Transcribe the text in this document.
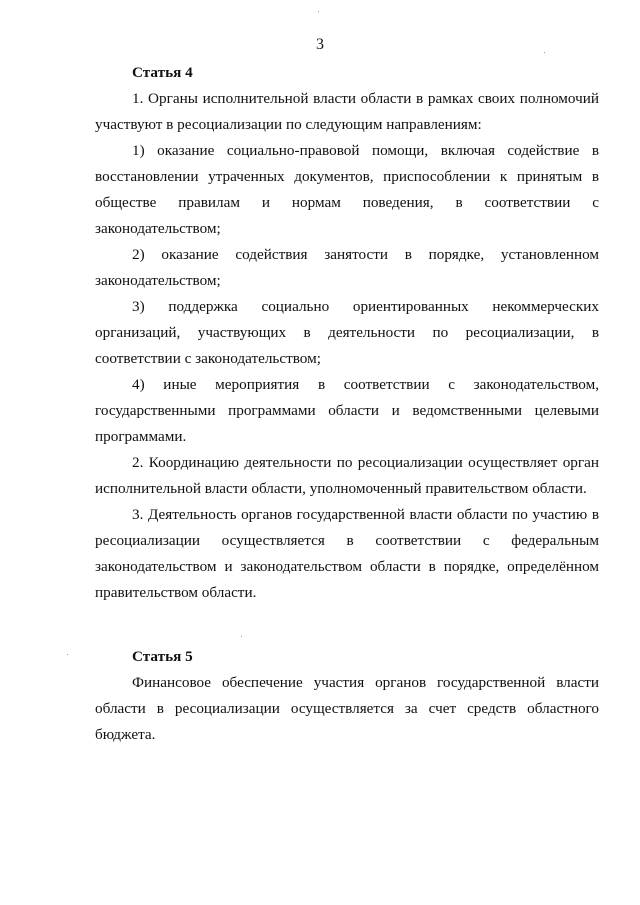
3

Статья 4

1. Органы исполнительной власти области в рамках своих полномочий участвуют в ресоциализации по следующим направлениям:

1) оказание социально-правовой помощи, включая содействие в восстановлении утраченных документов, приспособлении к принятым в обществе правилам и нормам поведения, в соответствии с законодательством;

2) оказание содействия занятости в порядке, установленном законодательством;

3) поддержка социально ориентированных некоммерческих организаций, участвующих в деятельности по ресоциализации, в соответствии с законодательством;

4) иные мероприятия в соответствии с законодательством, государственными программами области и ведомственными целевыми программами.

2. Координацию деятельности по ресоциализации осуществляет орган исполнительной власти области, уполномоченный правительством области.

3. Деятельность органов государственной власти области по участию в ресоциализации осуществляется в соответствии с федеральным законодательством и законодательством области в порядке, определённом правительством области.

Статья 5

Финансовое обеспечение участия органов государственной власти области в ресоциализации осуществляется за счет средств областного бюджета.
